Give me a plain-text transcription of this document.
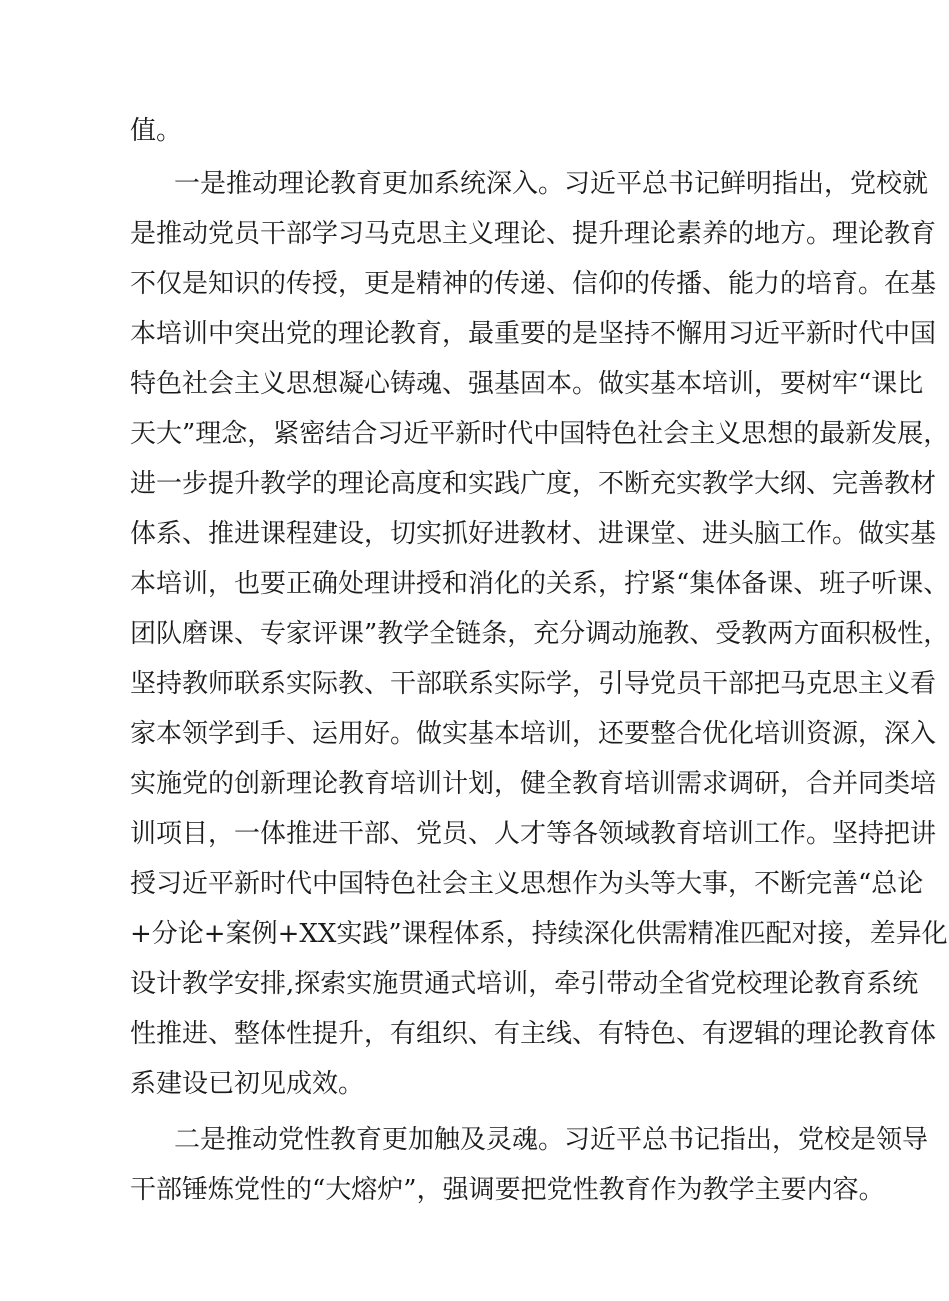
值。
一是推动理论教育更加系统深入。习近平总书记鲜明指出，党校就
是推动党员干部学习马克思主义理论、提升理论素养的地方。理论教育
不仅是知识的传授，更是精神的传递、信仰的传播、能力的培育。在基
本培训中突出党的理论教育，最重要的是坚持不懈用习近平新时代中国
特色社会主义思想凝心铸魂、强基固本。做实基本培训，要树牢“课比
天大”理念，紧密结合习近平新时代中国特色社会主义思想的最新发展，
进一步提升教学的理论高度和实践广度，不断充实教学大纲、完善教材
体系、推进课程建设，切实抓好进教材、进课堂、进头脑工作。做实基
本培训，也要正确处理讲授和消化的关系，拧紧“集体备课、班子听课、
团队磨课、专家评课”教学全链条，充分调动施教、受教两方面积极性，
坚持教师联系实际教、干部联系实际学，引导党员干部把马克思主义看
家本领学到手、运用好。做实基本培训，还要整合优化培训资源，深入
实施党的创新理论教育培训计划，健全教育培训需求调研，合并同类培
训项目，一体推进干部、党员、人才等各领域教育培训工作。坚持把讲
授习近平新时代中国特色社会主义思想作为头等大事，不断完善“总论
+分论+案例+XX实践”课程体系，持续深化供需精准匹配对接，差异化
设计教学安排,探索实施贯通式培训，牵引带动全省党校理论教育系统
性推进、整体性提升，有组织、有主线、有特色、有逻辑的理论教育体
系建设已初见成效。
二是推动党性教育更加触及灵魂。习近平总书记指出，党校是领导
干部锤炼党性的“大熔炉”，强调要把党性教育作为教学主要内容。
